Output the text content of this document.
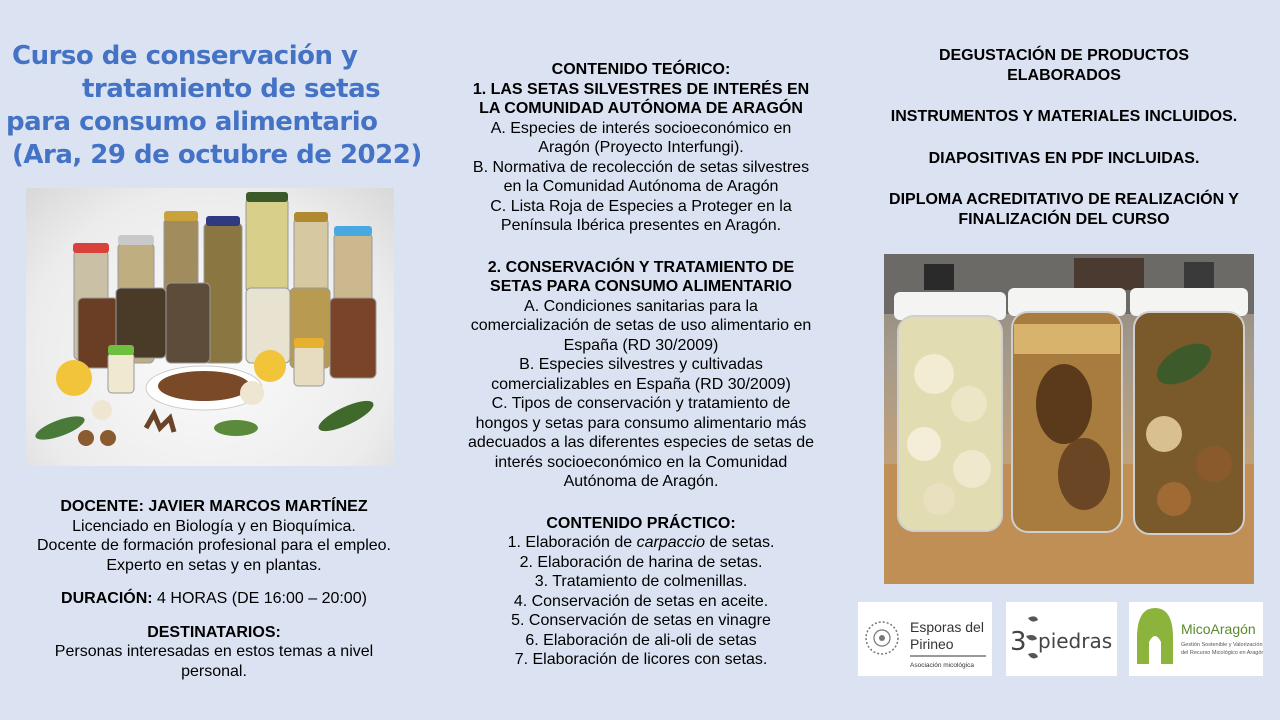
Curso de conservación y
tratamiento de setas
para consumo alimentario
(Ara, 29 de octubre de 2022)
DOCENTE: JAVIER MARCOS MARTÍNEZ
Licenciado en Biología y en Bioquímica.
Docente de formación profesional para el empleo.
Experto en setas y en plantas.
DURACIÓN: 4 HORAS (DE 16:00 – 20:00)
DESTINATARIOS:
Personas interesadas en estos temas a nivel
personal.
CONTENIDO TEÓRICO:
1. LAS SETAS SILVESTRES DE INTERÉS EN
LA COMUNIDAD AUTÓNOMA DE ARAGÓN
A. Especies de interés socioeconómico en
Aragón (Proyecto Interfungi).
B. Normativa de recolección de setas silvestres
en la Comunidad Autónoma de Aragón
C. Lista Roja de Especies a Proteger en la
Península Ibérica presentes en Aragón.
2. CONSERVACIÓN Y TRATAMIENTO DE
SETAS PARA CONSUMO ALIMENTARIO
A. Condiciones sanitarias para la
comercialización de setas de uso alimentario en
España (RD 30/2009)
B. Especies silvestres y cultivadas
comercializables en España (RD 30/2009)
C. Tipos de conservación y tratamiento de
hongos y setas para consumo alimentario más
adecuados a las diferentes especies de setas de
interés socioeconómico en la Comunidad
Autónoma de Aragón.
CONTENIDO PRÁCTICO:
1. Elaboración de carpaccio de setas.
2. Elaboración de harina de setas.
3. Tratamiento de colmenillas.
4. Conservación de setas en aceite.
5. Conservación de setas en vinagre
6. Elaboración de ali-oli de setas
7. Elaboración de licores con setas.
DEGUSTACIÓN DE PRODUCTOS
ELABORADOS
INSTRUMENTOS Y MATERIALES INCLUIDOS.
DIAPOSITIVAS EN PDF INCLUIDAS.
DIPLOMA ACREDITATIVO DE REALIZACIÓN Y
FINALIZACIÓN DEL CURSO
Esporas del
Pirineo
Asociación micológica
3 piedras	MicoAragón
Gestión Sostenible y Valorización
del Recurso Micológico en Aragón
